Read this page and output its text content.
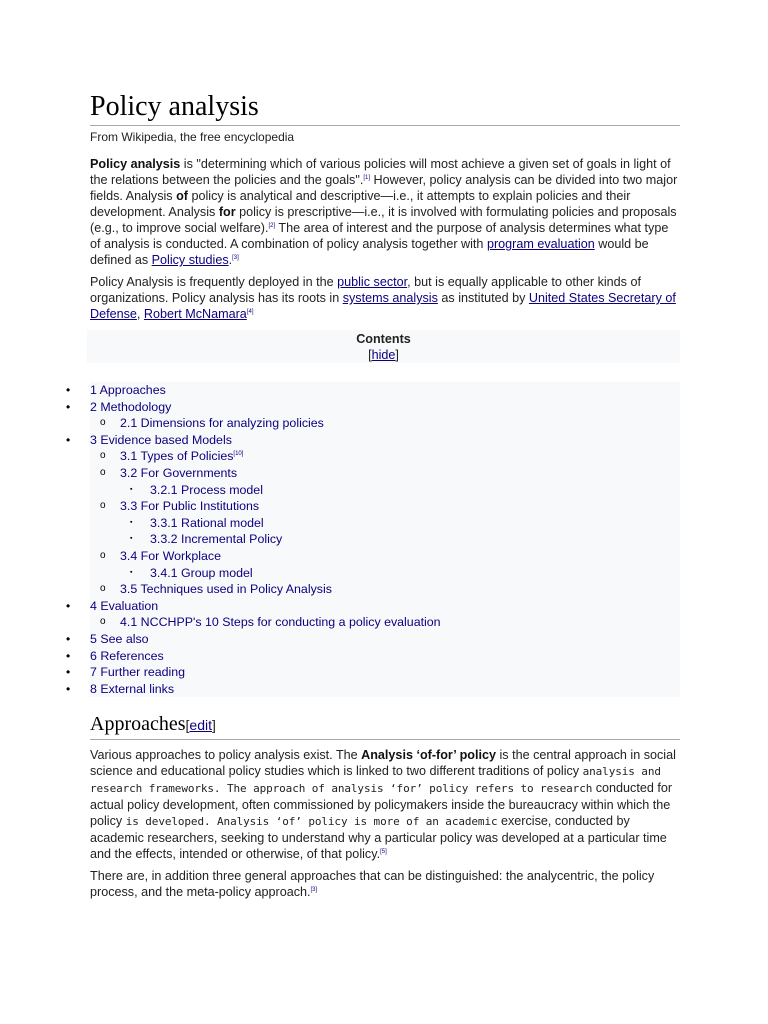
Policy analysis
From Wikipedia, the free encyclopedia

Policy analysis is "determining which of various policies will most achieve a given set of goals in light of the relations between the policies and the goals".[1] However, policy analysis can be divided into two major fields. Analysis of policy is analytical and descriptive—i.e., it attempts to explain policies and their development. Analysis for policy is prescriptive—i.e., it is involved with formulating policies and proposals (e.g., to improve social welfare).[2] The area of interest and the purpose of analysis determines what type of analysis is conducted. A combination of policy analysis together with program evaluation would be defined as Policy studies.[3]

Policy Analysis is frequently deployed in the public sector, but is equally applicable to other kinds of organizations. Policy analysis has its roots in systems analysis as instituted by United States Secretary of Defense, Robert McNamara[4]

Contents
[hide]
• 1 Approaches
• 2 Methodology
o 2.1 Dimensions for analyzing policies
• 3 Evidence based Models
o 3.1 Types of Policies[10]
o 3.2 For Governments
▪ 3.2.1 Process model
o 3.3 For Public Institutions
▪ 3.3.1 Rational model
▪ 3.3.2 Incremental Policy
o 3.4 For Workplace
▪ 3.4.1 Group model
o 3.5 Techniques used in Policy Analysis
• 4 Evaluation
o 4.1 NCCHPP's 10 Steps for conducting a policy evaluation
• 5 See also
• 6 References
• 7 Further reading
• 8 External links
Approaches[edit]

Various approaches to policy analysis exist. The Analysis ‘of-for’ policy is the central approach in social science and educational policy studies which is linked to two different traditions of policy analysis and research frameworks. The approach of analysis ‘for’ policy refers to research conducted for actual policy development, often commissioned by policymakers inside the bureaucracy within which the policy is developed. Analysis ‘of’ policy is more of an academic exercise, conducted by academic researchers, seeking to understand why a particular policy was developed at a particular time and the effects, intended or otherwise, of that policy.[5]

There are, in addition three general approaches that can be distinguished: the analycentric, the policy process, and the meta-policy approach.[3]
